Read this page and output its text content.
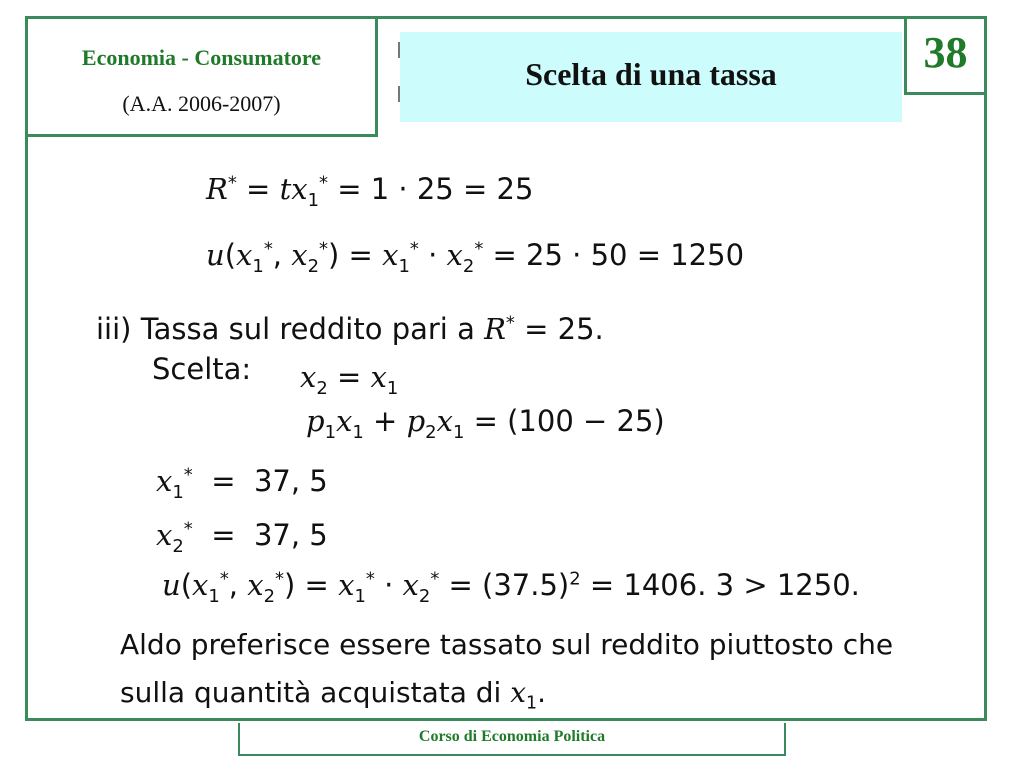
Economia - Consumatore
(A.A. 2006-2007)
Scelta di una tassa	38
$R^* = tx_1^* = 1 \cdot 25 = 25$
$u(x_1^*$, $x_2^*) = x_1^* \cdot x_2^* = 25 \cdot 50 = 1250$
iii) Tassa sul reddito pari a R* = 25.
Scelta: $x_2 = x_1$
$p_1x_1 + p_2x_1 = (100 - 25)$
$x_1^* = 37$, 5
$x_2^* = 37$, 5
$u(x_1^*$, $x_2^*) = x_1^* \cdot x_2^* = (37.5)^2 = 1406$. 3 > 1250.
Aldo preferisce essere tassato sul reddito piuttosto che
sulla quantità acquistata di $x_1$.
Corso di Economia Politica
